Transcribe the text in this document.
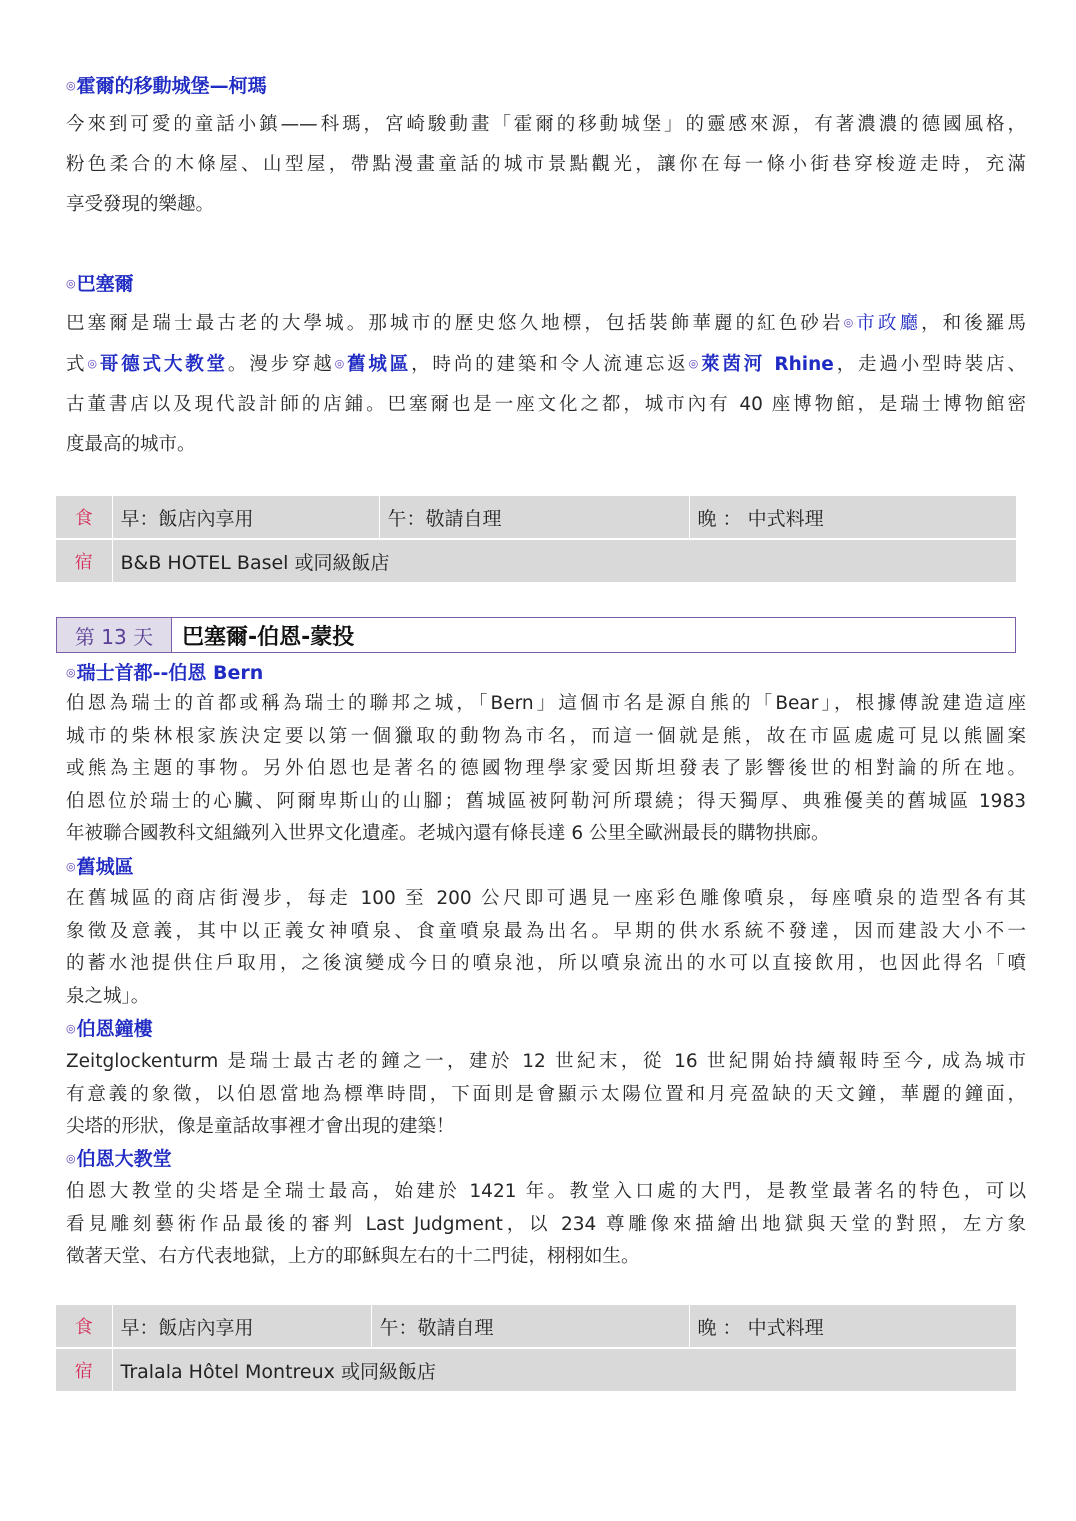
◎霍爾的移動城堡—柯瑪
今來到可愛的童話小鎮——科瑪，宮崎駿動畫「霍爾的移動城堡」的靈感來源，有著濃濃的德國風格，
粉色柔合的木條屋、山型屋，帶點漫畫童話的城市景點觀光，讓你在每一條小街巷穿梭遊走時，充滿
享受發現的樂趣。
◎巴塞爾
巴塞爾是瑞士最古老的大學城。那城市的歷史悠久地標，包括裝飾華麗的紅色砂岩◎市政廳，和後羅馬
式◎哥德式大教堂。漫步穿越◎舊城區，時尚的建築和令人流連忘返◎萊茵河 Rhine，走過小型時裝店、
古董書店以及現代設計師的店鋪。巴塞爾也是一座文化之都，城市內有 40 座博物館，是瑞士博物館密
度最高的城市。
食	早：飯店內享用	午：敬請自理	晚 ： 中式料理
宿	B&B HOTEL Basel 或同級飯店		
第 13 天	巴塞爾-伯恩-蒙投
◎瑞士首都--伯恩 Bern
伯恩為瑞士的首都或稱為瑞士的聯邦之城，「Bern」這個市名是源自熊的「Bear」，根據傳說建造這座
城市的柴林根家族決定要以第一個獵取的動物為市名，而這一個就是熊，故在市區處處可見以熊圖案
或熊為主題的事物。另外伯恩也是著名的德國物理學家愛因斯坦發表了影響後世的相對論的所在地。
伯恩位於瑞士的心臟、阿爾卑斯山的山腳；舊城區被阿勒河所環繞；得天獨厚、典雅優美的舊城區 1983
年被聯合國教科文組織列入世界文化遺產。老城內還有條長達 6 公里全歐洲最長的購物拱廊。
◎舊城區
在舊城區的商店街漫步，每走 100 至 200 公尺即可遇見一座彩色雕像噴泉，每座噴泉的造型各有其
象徵及意義，其中以正義女神噴泉、食童噴泉最為出名。早期的供水系統不發達，因而建設大小不一
的蓄水池提供住戶取用，之後演變成今日的噴泉池，所以噴泉流出的水可以直接飲用，也因此得名「噴
泉之城」。
◎伯恩鐘樓
Zeitglockenturm 是瑞士最古老的鐘之一，建於 12 世紀末，從 16 世紀開始持續報時至今, 成為城市
有意義的象徵，以伯恩當地為標準時間，下面則是會顯示太陽位置和月亮盈缺的天文鐘，華麗的鐘面，
尖塔的形狀，像是童話故事裡才會出現的建築！
◎伯恩大教堂
伯恩大教堂的尖塔是全瑞士最高，始建於 1421 年。教堂入口處的大門，是教堂最著名的特色，可以
看見雕刻藝術作品最後的審判 Last Judgment，以 234 尊雕像來描繪出地獄與天堂的對照，左方象
徵著天堂、右方代表地獄，上方的耶穌與左右的十二門徒，栩栩如生。
食	早：飯店內享用	午：敬請自理	晚 ： 中式料理
宿	Tralala Hôtel Montreux 或同級飯店		
